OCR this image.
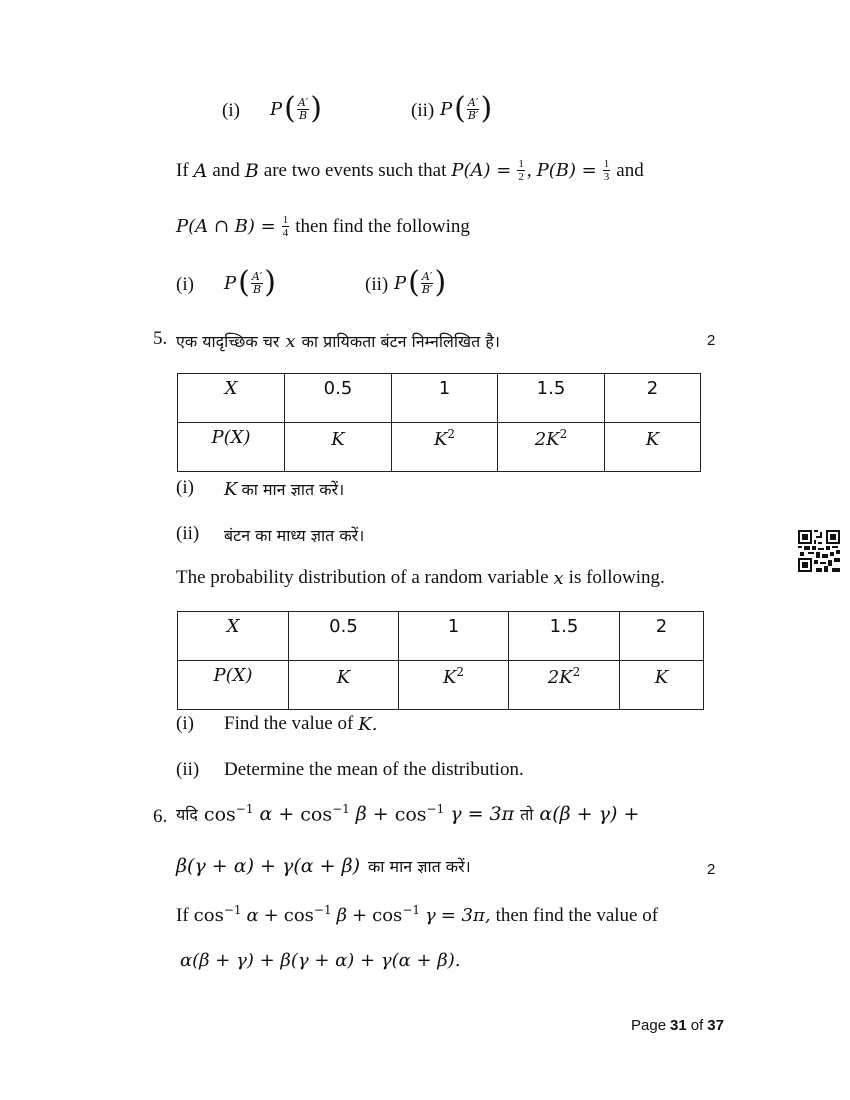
(i) P ( $\frac{A'}{B}$ )	(ii) P ( $\frac{A'}{B'}$ )
If A and B are two events such that $P(A) = \frac{1}{2}$ , $P(B) = \frac{1}{3}$ and
P(A ∩ $B) = \frac{1}{4}$ then find the following
(i) P ( $\frac{A'}{B}$ )	(ii) P ( $\frac{A'}{B'}$ )
5. एक यादृच्छिक चर x का प्रायिकता बंटन निम्नलिखित है।	2
X	0.5	1	1.5	2
P(X)	K	$K^2$	$2K^2$	K
(i) K का मान ज्ञात करें।
(ii) बंटन का माध्य ज्ञात करें।
The probability distribution of a random variable x is following.
X	0.5	1	1.5	2
P(X)	K	$K^2$	$2K^2$	K
(i) Find the value of K.
(ii) Determine the mean of the distribution.
6. यदि $\cos^{-1} \alpha + \cos^{-1} \beta + \cos^{-1} \gamma = 3\pi$ तो α(β + γ) +
β(γ + α) + γ(α + β) का मान ज्ञात करें।	2
If $\cos^{-1} \alpha + \cos^{-1} \beta + \cos^{-1} \gamma = 3\pi$, then find the value of
α(β + γ) + β(γ + α) + γ(α + β).
Page 31 of 37
